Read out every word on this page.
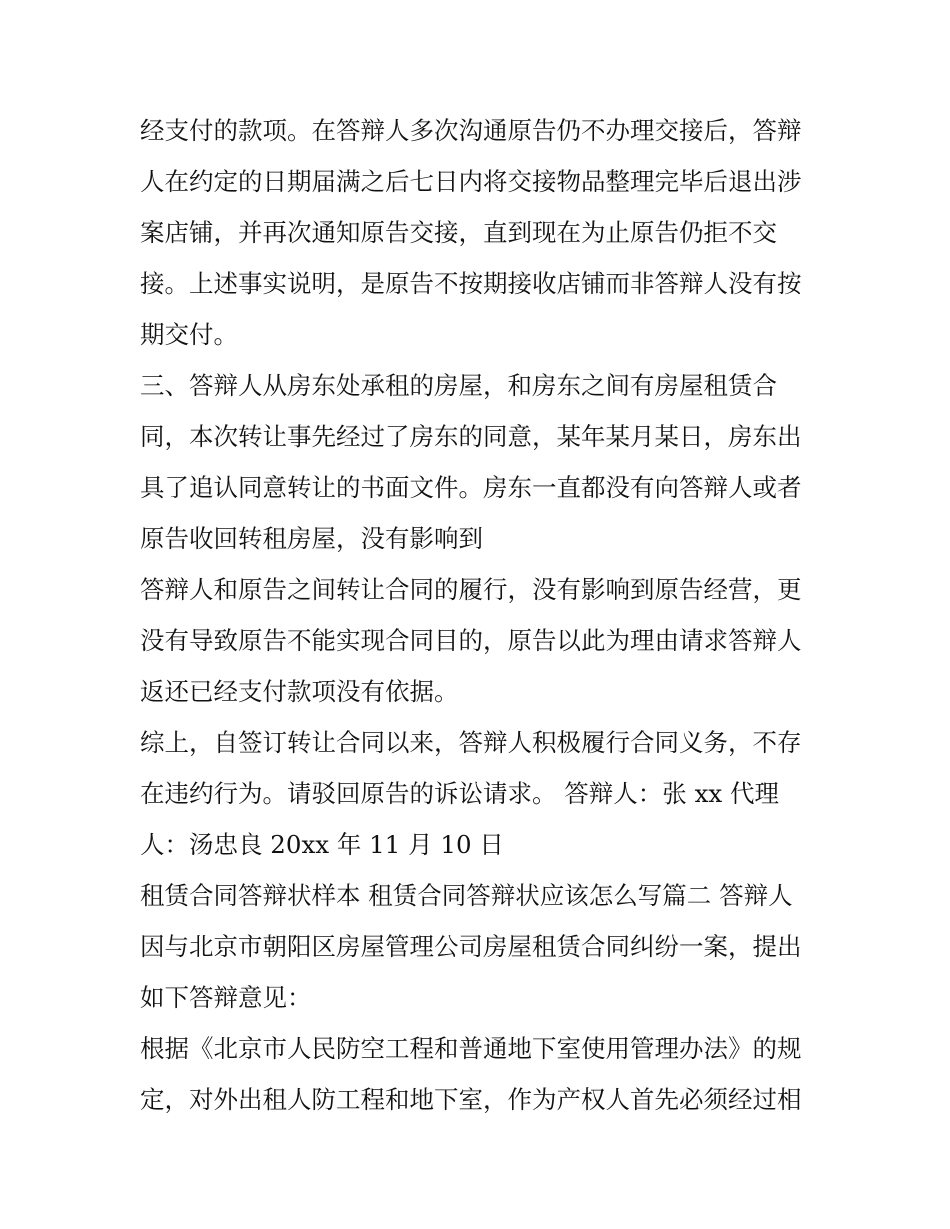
经支付的款项。在答辩人多次沟通原告仍不办理交接后，答辩
人在约定的日期届满之后七日内将交接物品整理完毕后退出涉
案店铺，并再次通知原告交接，直到现在为止原告仍拒不交
接。上述事实说明，是原告不按期接收店铺而非答辩人没有按
期交付。
三、答辩人从房东处承租的房屋，和房东之间有房屋租赁合
同，本次转让事先经过了房东的同意，某年某月某日，房东出
具了追认同意转让的书面文件。房东一直都没有向答辩人或者
原告收回转租房屋，没有影响到
答辩人和原告之间转让合同的履行，没有影响到原告经营，更
没有导致原告不能实现合同目的，原告以此为理由请求答辩人
返还已经支付款项没有依据。
综上，自签订转让合同以来，答辩人积极履行合同义务，不存
在违约行为。请驳回原告的诉讼请求。 答辩人：张 xx 代理
人：汤忠良 20xx 年 11 月 10 日
租赁合同答辩状样本 租赁合同答辩状应该怎么写篇二 答辩人
因与北京市朝阳区房屋管理公司房屋租赁合同纠纷一案，提出
如下答辩意见：
根据《北京市人民防空工程和普通地下室使用管理办法》的规
定，对外出租人防工程和地下室，作为产权人首先必须经过相
